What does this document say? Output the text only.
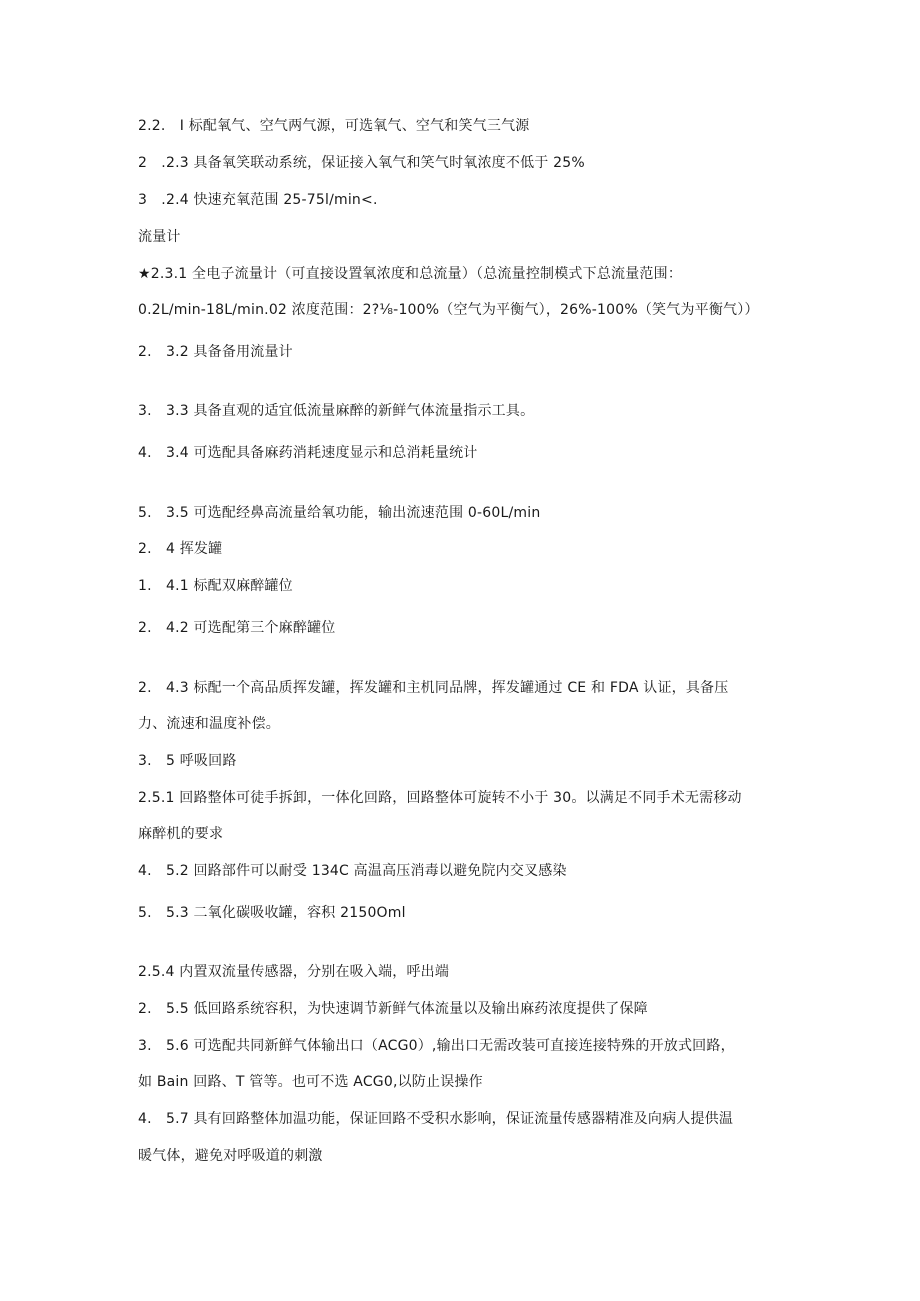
2.2.　I 标配氧气、空气两气源，可选氧气、空气和笑气三气源
2　.2.3 具备氧笑联动系统，保证接入氧气和笑气时氧浓度不低于 25%
3　.2.4 快速充氧范围 25-75l∕min<.
流量计
★2.3.1 全电子流量计（可直接设置氧浓度和总流量）（总流量控制模式下总流量范围：
0.2L/min-18L/min.02 浓度范围：2?⅛-100%（空气为平衡气），26%-100%（笑气为平衡气））
2.　3.2 具备备用流量计
3.　3.3 具备直观的适宜低流量麻醉的新鲜气体流量指示工具。
4.　3.4 可选配具备麻药消耗速度显示和总消耗量统计
5.　3.5 可选配经鼻高流量给氧功能，输出流速范围 0-60L/min
2.　4 挥发罐
1.　4.1 标配双麻醉罐位
2.　4.2 可选配第三个麻醉罐位
2.　4.3 标配一个高品质挥发罐，挥发罐和主机同品牌，挥发罐通过 CE 和 FDA 认证，具备压
力、流速和温度补偿。
3.　5 呼吸回路
2.5.1 回路整体可徒手拆卸，一体化回路，回路整体可旋转不小于 30。以满足不同手术无需移动
麻醉机的要求
4.　5.2 回路部件可以耐受 134C 高温高压消毒以避免院内交叉感染
5.　5.3 二氧化碳吸收罐，容积 2150Oml
2.5.4 内置双流量传感器，分别在吸入端，呼出端
2.　5.5 低回路系统容积，为快速调节新鲜气体流量以及输出麻药浓度提供了保障
3.　5.6 可选配共同新鲜气体输出口（ACG0）,输出口无需改装可直接连接特殊的开放式回路，
如 Bain 回路、T 管等。也可不选 ACG0,以防止误操作
4.　5.7 具有回路整体加温功能，保证回路不受积水影响，保证流量传感器精准及向病人提供温
暖气体，避免对呼吸道的刺激
